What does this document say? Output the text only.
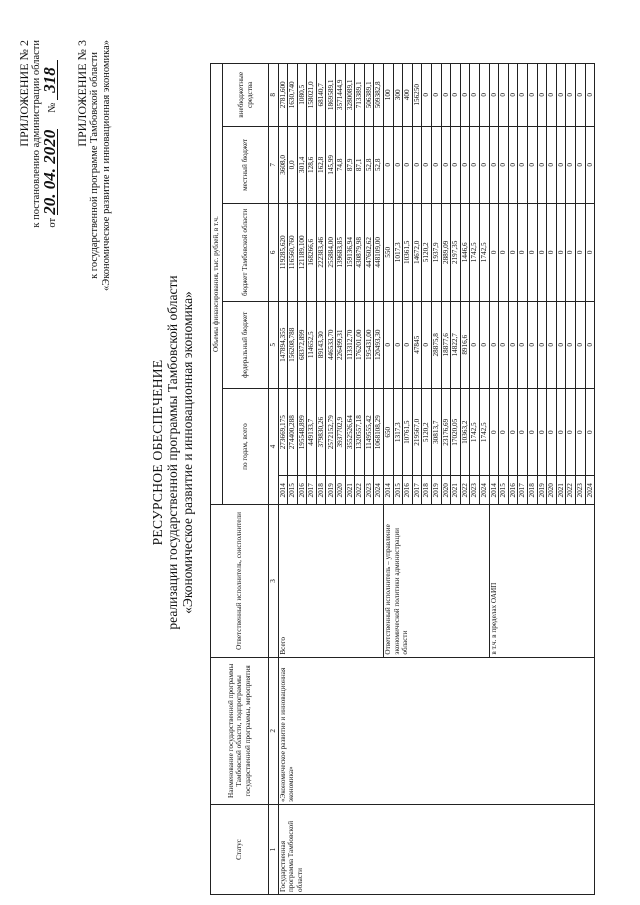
ПРИЛОЖЕНИЕ № 2 к постановлению администрации области от 20. 04. 2020 № 318 ПРИЛОЖЕНИЕ № 3 к государственной программе Тамбовской области «Экономическое развитие и инновационная экономика»
РЕСУРСНОЕ ОБЕСПЕЧЕНИЕ реализации государственной программы Тамбовской области «Экономическое развитие и инновационная экономика»
Статус	Наименование государственной программы Тамбовской области, подпрограммы государственной программы, мероприятия	Ответственный исполнитель, соисполнители	Объемы финансирования, тыс. рублей, в т.ч.					
			по годам, всего		федеральный бюджет	бюджет Тамбовской области	местный бюджет	внебюджетные средства
1	2	3	4		5	6	7	8
Государственная программа Тамбовской области	«Экономическое развитие и инновационная экономика»	Всего	2014	273669,175	147894,355	119285,620	3608,0	2781,600
			2015	274400,288	156208,788	116560,760	0,0	1630,740
			2016	195548,899	68372,899	121189,100	301,4	1080,5
			2017	449133,7	114652,5	168266,6	128,6	158021,0
			2018	379830,26	89143,30	222383,46	162,8	68140,7
			2019	2572152,79	446533,70	255884,00	145,99	1869589,1
			2020	3937702,9	226499,31	139683,85	74,8	3571444,9
			2021	3552526,64	113312,70	159136,94	87,9	3280089,1
			2022	1320557,18	176201,00	430879,98	87,1	713389,1
			2023	1149555,42	195431,00	447602,62	52,8	506389,1
			2024	1068108,29	120493,30	448109,00	52,8	509382,8
		Ответственный исполнитель – управление экономической политики администрации области	2014	650	0	550	0	100
			2015	1317,3	0	1017,3	0	300
			2016	10761,5	0	10361,5	0	400
			2017	219567,0	47845	14672,0	0	156250
			2018	5120,2	0	5120,2	0	0
			2019	30813,7	28875,8	1937,9	0	0
			2020	23176,69	18877,6	2889,09	0	0
			2021	17020,05	14822,7	2197,35	0	0
			2022	10363,2	8916,6	1446,6	0	0
			2023	1742,5	0	1742,5	0	0
			2024	1742,5	0	1742,5	0	0
		в т.ч. в пределах ОАИП	2014	0	0	0	0	0
			2015	0	0	0	0	0
			2016	0	0	0	0	0
			2017	0	0	0	0	0
			2018	0	0	0	0	0
			2019	0	0	0	0	0
			2020	0	0	0	0	0
			2021	0	0	0	0	0
			2022	0	0	0	0	0
			2023	0	0	0	0	0
			2024	0	0	0	0	0
